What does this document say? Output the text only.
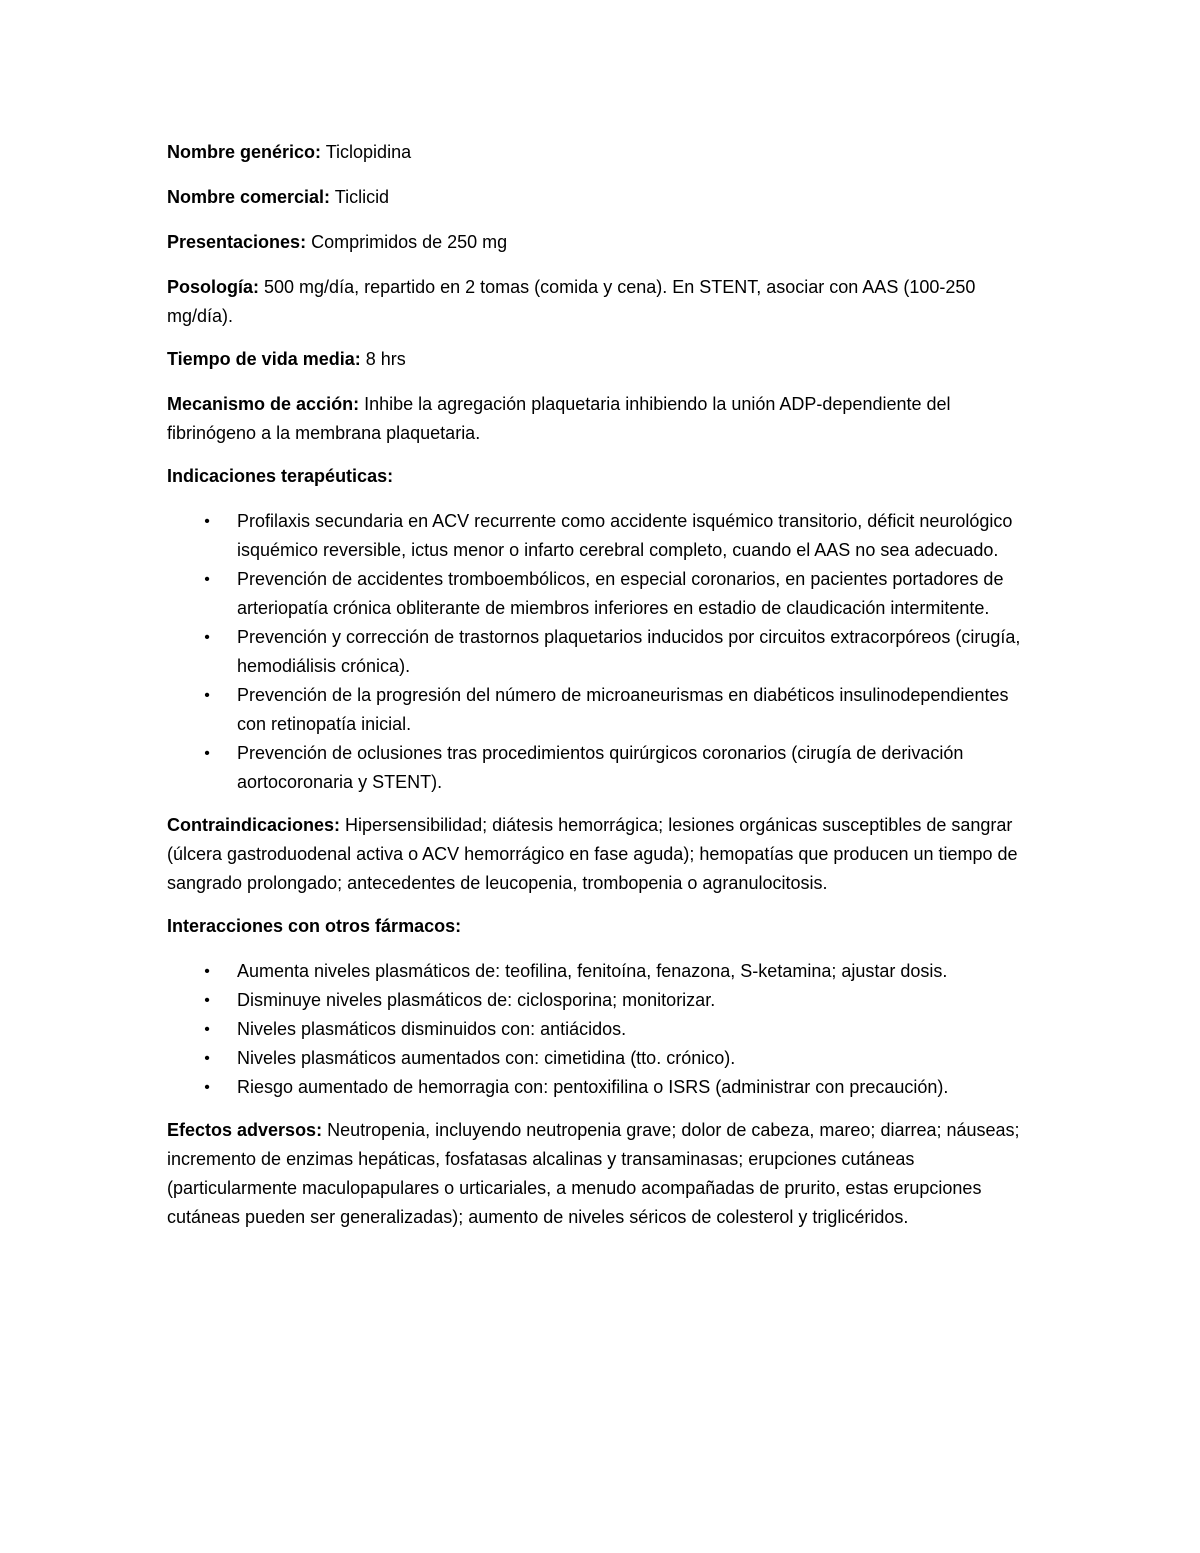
Nombre genérico: Ticlopidina

Nombre comercial: Ticlicid

Presentaciones: Comprimidos de 250 mg

Posología: 500 mg/día, repartido en 2 tomas (comida y cena). En STENT, asociar con AAS (100-250 mg/día).

Tiempo de vida media: 8 hrs

Mecanismo de acción: Inhibe la agregación plaquetaria inhibiendo la unión ADP-dependiente del fibrinógeno a la membrana plaquetaria.

Indicaciones terapéuticas:

•	Profilaxis secundaria en ACV recurrente como accidente isquémico transitorio, déficit neurológico isquémico reversible, ictus menor o infarto cerebral completo, cuando el AAS no sea adecuado.
•	Prevención de accidentes tromboembólicos, en especial coronarios, en pacientes portadores de arteriopatía crónica obliterante de miembros inferiores en estadio de claudicación intermitente.
•	Prevención y corrección de trastornos plaquetarios inducidos por circuitos extracorpóreos (cirugía, hemodiálisis crónica).
•	Prevención de la progresión del número de microaneurismas en diabéticos insulinodependientes con retinopatía inicial.
•	Prevención de oclusiones tras procedimientos quirúrgicos coronarios (cirugía de derivación aortocoronaria y STENT).

Contraindicaciones: Hipersensibilidad; diátesis hemorrágica; lesiones orgánicas susceptibles de sangrar (úlcera gastroduodenal activa o ACV hemorrágico en fase aguda); hemopatías que producen un tiempo de sangrado prolongado; antecedentes de leucopenia, trombopenia o agranulocitosis.

Interacciones con otros fármacos:

•	Aumenta niveles plasmáticos de: teofilina, fenitoína, fenazona, S-ketamina; ajustar dosis.
•	Disminuye niveles plasmáticos de: ciclosporina; monitorizar.
•	Niveles plasmáticos disminuidos con: antiácidos.
•	Niveles plasmáticos aumentados con: cimetidina (tto. crónico).
•	Riesgo aumentado de hemorragia con: pentoxifilina o ISRS (administrar con precaución).

Efectos adversos: Neutropenia, incluyendo neutropenia grave; dolor de cabeza, mareo; diarrea; náuseas; incremento de enzimas hepáticas, fosfatasas alcalinas y transaminasas; erupciones cutáneas (particularmente maculopapulares o urticariales, a menudo acompañadas de prurito, estas erupciones cutáneas pueden ser generalizadas); aumento de niveles séricos de colesterol y triglicéridos.
